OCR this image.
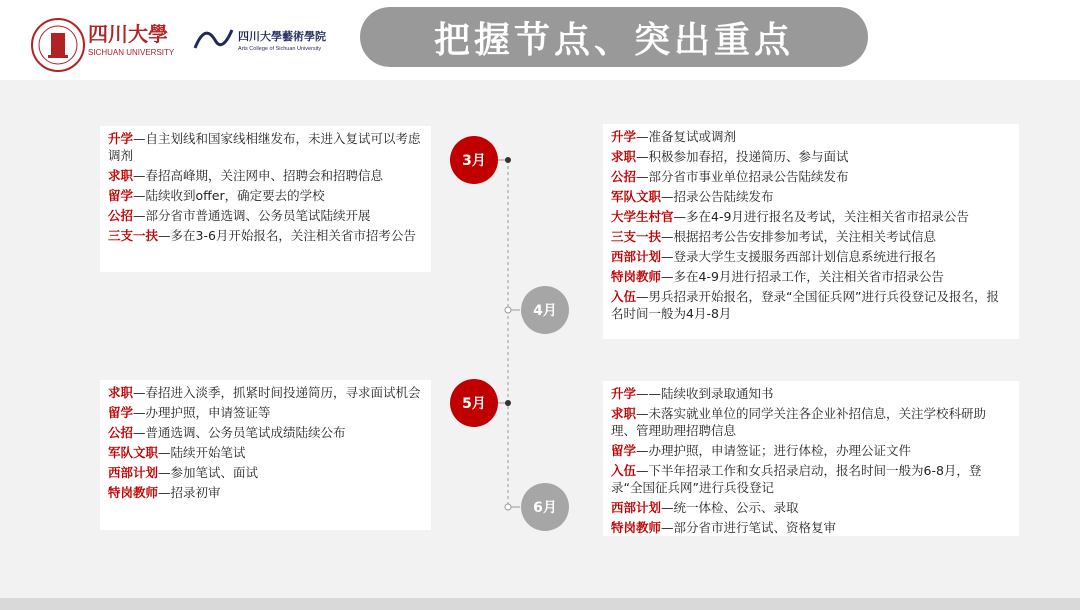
四川大學
SICHUAN UNIVERSITY
四川大學藝術學院
Arts College of Sichuan University	把握节点、突出重点
3月
4月
5月
6月
升学—自主划线和国家线相继发布，未进入复试可以考虑调剂
求职—春招高峰期，关注网申、招聘会和招聘信息
留学—陆续收到offer，确定要去的学校
公招—部分省市普通选调、公务员笔试陆续开展
三支一扶—多在3-6月开始报名，关注相关省市招考公告
升学—准备复试或调剂
求职—积极参加春招，投递简历、参与面试
公招—部分省市事业单位招录公告陆续发布
军队文职—招录公告陆续发布
大学生村官—多在4-9月进行报名及考试，关注相关省市招录公告
三支一扶—根据招考公告安排参加考试，关注相关考试信息
西部计划—登录大学生支援服务西部计划信息系统进行报名
特岗教师—多在4-9月进行招录工作，关注相关省市招录公告
入伍—男兵招录开始报名，登录“全国征兵网”进行兵役登记及报名，报名时间一般为4月-8月
求职—春招进入淡季，抓紧时间投递简历，寻求面试机会
留学—办理护照，申请签证等
公招—普通选调、公务员笔试成绩陆续公布
军队文职—陆续开始笔试
西部计划—参加笔试、面试
特岗教师—招录初审
升学——陆续收到录取通知书
求职—未落实就业单位的同学关注各企业补招信息，关注学校科研助理、管理助理招聘信息
留学—办理护照，申请签证；进行体检，办理公证文件
入伍—下半年招录工作和女兵招录启动，报名时间一般为6-8月，登录“全国征兵网”进行兵役登记
西部计划—统一体检、公示、录取
特岗教师—部分省市进行笔试、资格复审
